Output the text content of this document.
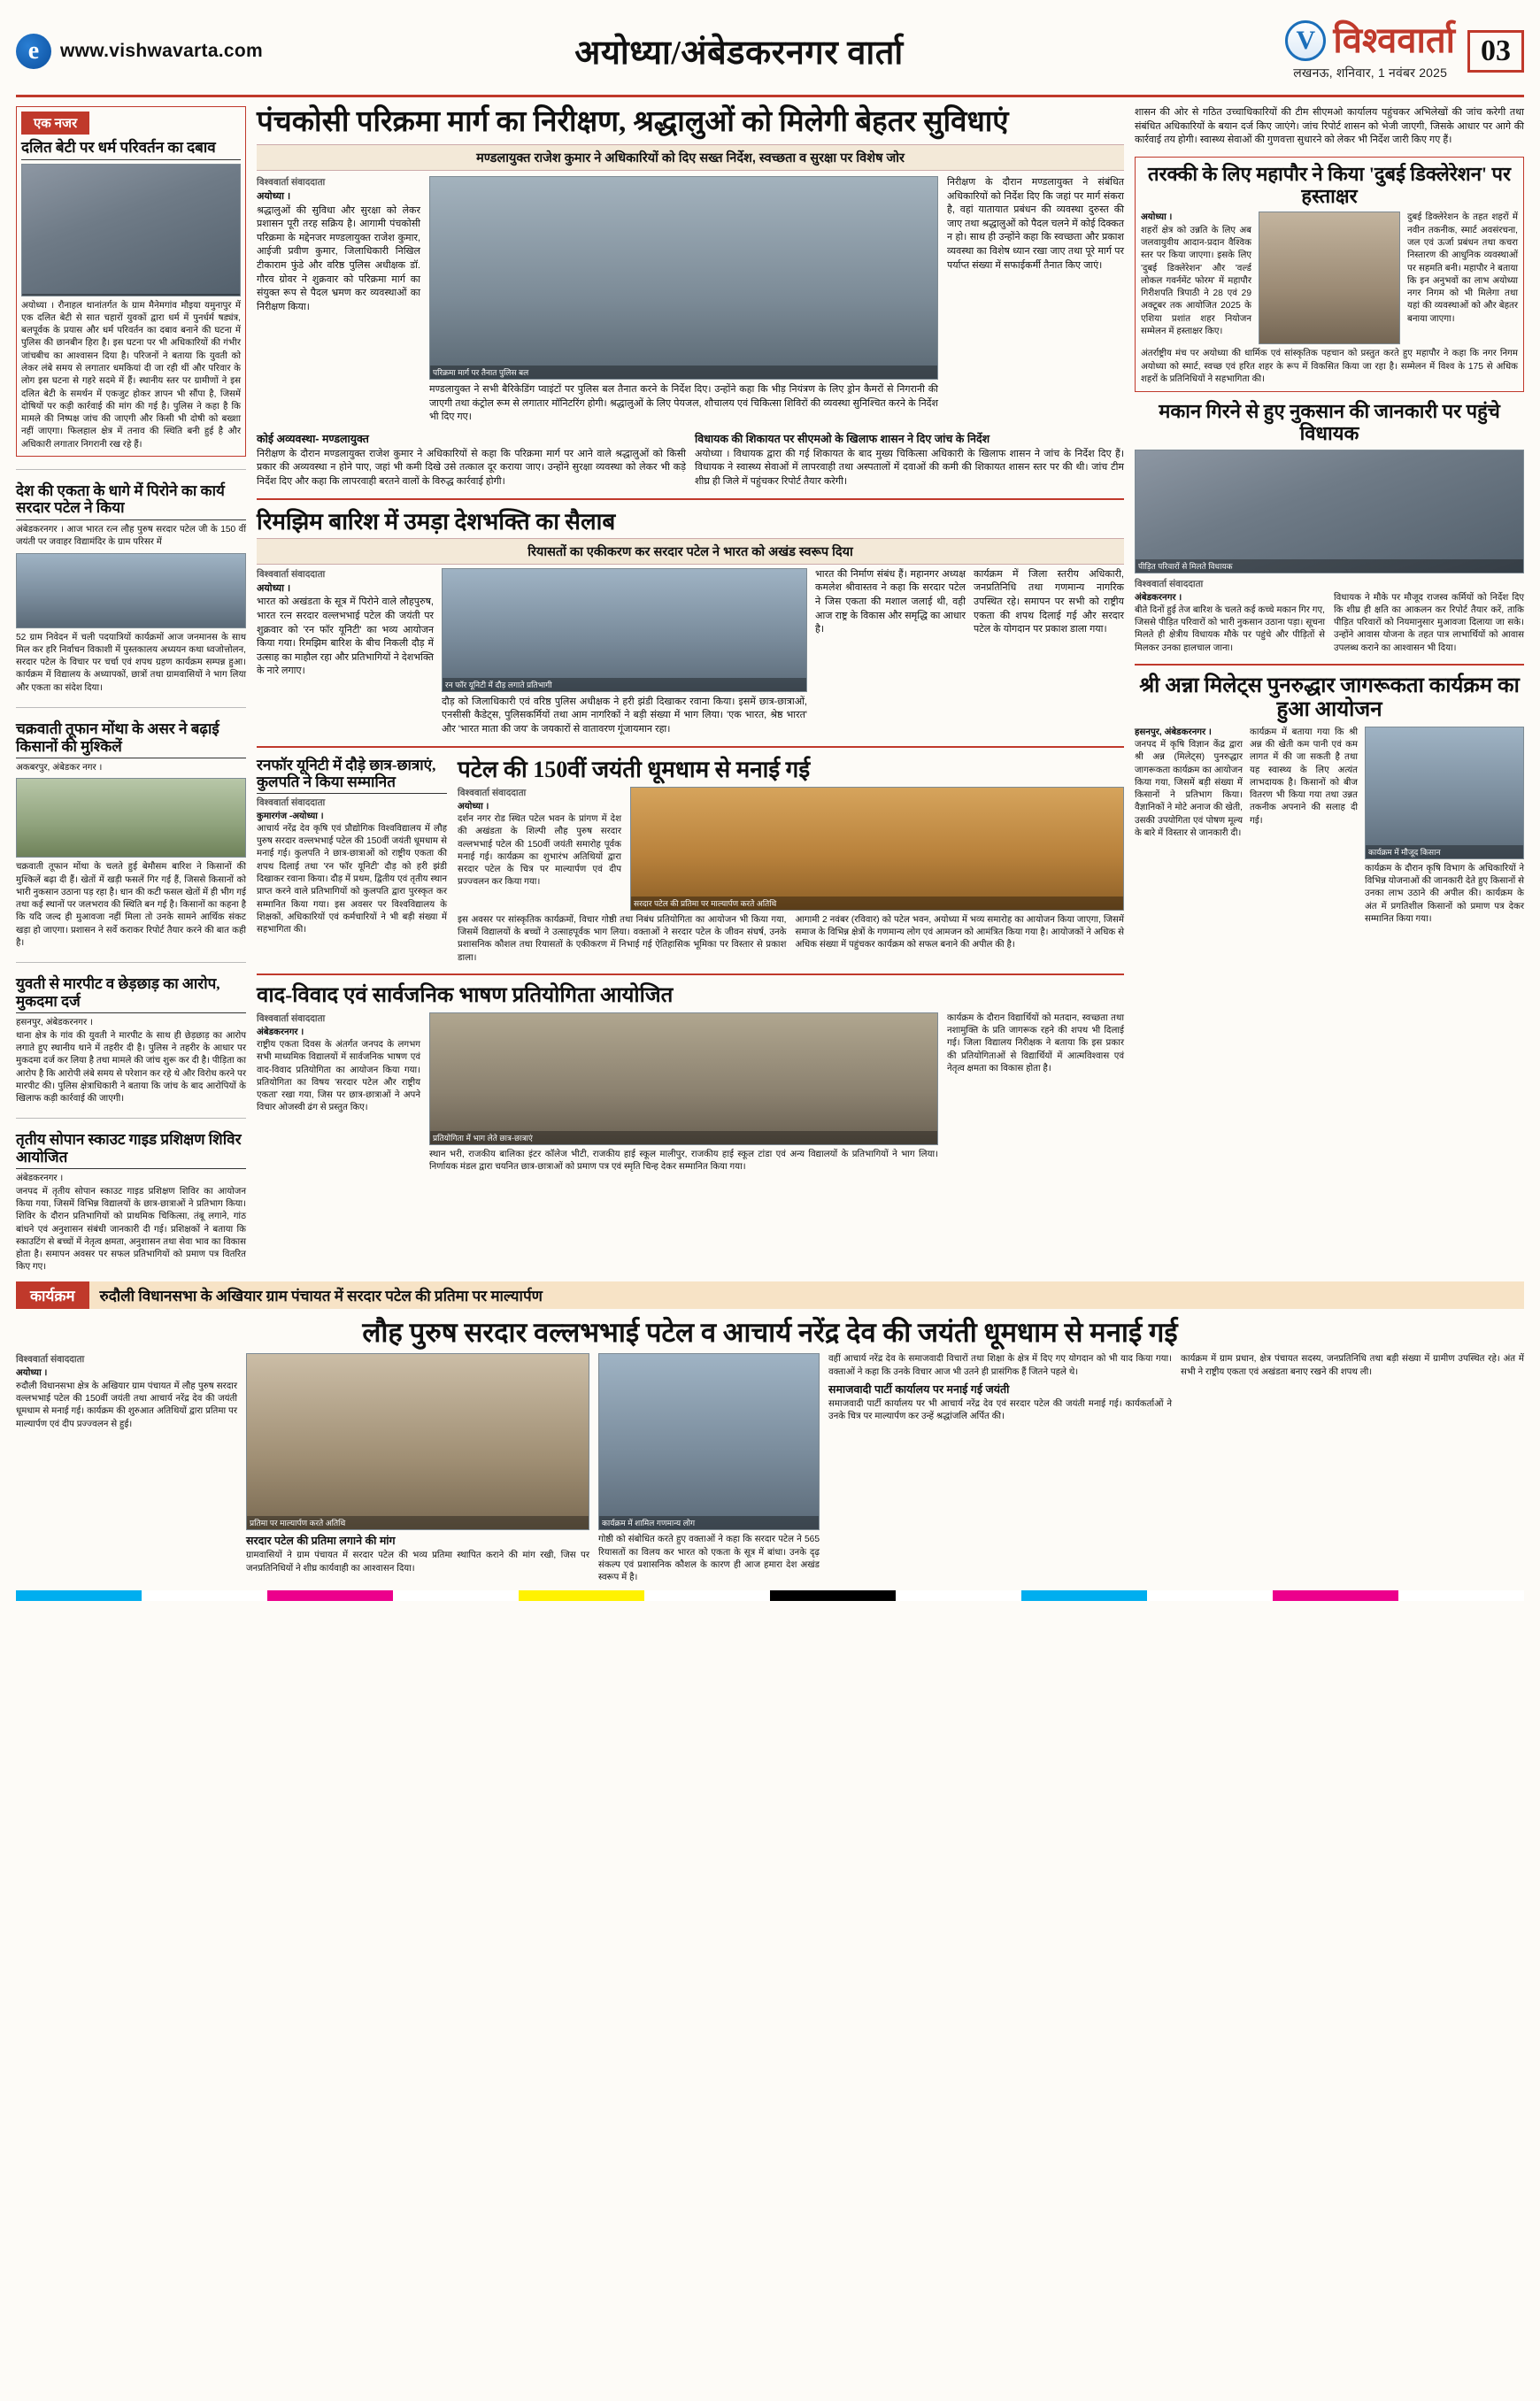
e	www.vishwavarta.com	अयोध्या/अंबेडकरनगर वार्ता	V विश्ववार्ता
लखनऊ, शनिवार, 1 नवंबर 2025
03
एक नजर
दलित बेटी पर धर्म परिवर्तन का दबाव
अयोध्या । रौनाहल थानांतर्गत के ग्राम मैनेमगांव मौइया यमुनापुर में एक दलित बेटी से सात चहारों युवकों द्वारा धर्म में पुनर्धर्म षड्यंत्र, बलपूर्वक के प्रयास और धर्म परिवर्तन का दबाव बनाने की घटना में पुलिस की छानबीन हिरा है। इस घटना पर भी अधिकारियों की गंभीर जांचबीच का आश्वासन दिया है। परिजनों ने बताया कि युवती को लेकर लंबे समय से लगातार धमकियां दी जा रही थीं और परिवार के लोग इस घटना से गहरे सदमे में हैं। स्थानीय स्तर पर ग्रामीणों ने इस दलित बेटी के समर्थन में एकजुट होकर ज्ञापन भी सौंपा है, जिसमें दोषियों पर कड़ी कार्रवाई की मांग की गई है। पुलिस ने कहा है कि मामले की निष्पक्ष जांच की जाएगी और किसी भी दोषी को बख्शा नहीं जाएगा। फिलहाल क्षेत्र में तनाव की स्थिति बनी हुई है और अधिकारी लगातार निगरानी रख रहे हैं।
देश की एकता के धागे में पिरोने का कार्य सरदार पटेल ने किया
अंबेडकरनगर । आज भारत रत्न लौह पुरुष सरदार पटेल जी के 150 वीं जयंती पर जवाहर विद्यामंदिर के ग्राम परिसर में
52 ग्राम निवेदन में चली पदयात्रियों कार्यक्रमों आज जनमानस के साथ मिल कर हरि निर्वाचन विकाशी में पुस्तकालय अध्ययन कथा ध्वजोत्तोलन, सरदार पटेल के विचार पर चर्चा एवं शपथ ग्रहण कार्यक्रम सम्पन्न हुआ। कार्यक्रम में विद्यालय के अध्यापकों, छात्रों तथा ग्रामवासियों ने भाग लिया और एकता का संदेश दिया।
चक्रवाती तूफान मोंथा के असर ने बढ़ाई किसानों की मुश्किलें
अकबरपुर, अंबेडकर नगर ।
चक्रवाती तूफान मोंथा के चलते हुई बेमौसम बारिश ने किसानों की मुश्किलें बढ़ा दी हैं। खेतों में खड़ी फसलें गिर गई हैं, जिससे किसानों को भारी नुकसान उठाना पड़ रहा है। धान की कटी फसल खेतों में ही भीग गई तथा कई स्थानों पर जलभराव की स्थिति बन गई है। किसानों का कहना है कि यदि जल्द ही मुआवजा नहीं मिला तो उनके सामने आर्थिक संकट खड़ा हो जाएगा। प्रशासन ने सर्वे कराकर रिपोर्ट तैयार करने की बात कही है।
युवती से मारपीट व छेड़छाड़ का आरोप, मुकदमा दर्ज
हसनपुर, अंबेडकरनगर ।
थाना क्षेत्र के गांव की युवती ने मारपीट के साथ ही छेड़छाड़ का आरोप लगाते हुए स्थानीय थाने में तहरीर दी है। पुलिस ने तहरीर के आधार पर मुकदमा दर्ज कर लिया है तथा मामले की जांच शुरू कर दी है। पीड़िता का आरोप है कि आरोपी लंबे समय से परेशान कर रहे थे और विरोध करने पर मारपीट की। पुलिस क्षेत्राधिकारी ने बताया कि जांच के बाद आरोपियों के खिलाफ कड़ी कार्रवाई की जाएगी।
तृतीय सोपान स्काउट गाइड प्रशिक्षण शिविर आयोजित
अंबेडकरनगर ।
जनपद में तृतीय सोपान स्काउट गाइड प्रशिक्षण शिविर का आयोजन किया गया, जिसमें विभिन्न विद्यालयों के छात्र-छात्राओं ने प्रतिभाग किया। शिविर के दौरान प्रतिभागियों को प्राथमिक चिकित्सा, तंबू लगाने, गांठ बांधने एवं अनुशासन संबंधी जानकारी दी गई। प्रशिक्षकों ने बताया कि स्काउटिंग से बच्चों में नेतृत्व क्षमता, अनुशासन तथा सेवा भाव का विकास होता है। समापन अवसर पर सफल प्रतिभागियों को प्रमाण पत्र वितरित किए गए।
पंचकोसी परिक्रमा मार्ग का निरीक्षण, श्रद्धालुओं को मिलेगी बेहतर सुविधाएं
मण्डलायुक्त राजेश कुमार ने अधिकारियों को दिए सख्त निर्देश, स्वच्छता व सुरक्षा पर विशेष जोर
विश्ववार्ता संवाददाता
अयोध्या ।
श्रद्धालुओं की सुविधा और सुरक्षा को लेकर प्रशासन पूरी तरह सक्रिय है। आगामी पंचकोसी परिक्रमा के मद्देनजर मण्डलायुक्त राजेश कुमार, आईजी प्रवीण कुमार, जिलाधिकारी निखिल टीकाराम फुंडे और वरिष्ठ पुलिस अधीक्षक डॉ. गौरव ग्रोवर ने शुक्रवार को परिक्रमा मार्ग का संयुक्त रूप से पैदल भ्रमण कर व्यवस्थाओं का निरीक्षण किया।
परिक्रमा मार्ग पर तैनात पुलिस बल
मण्डलायुक्त ने सभी बैरिकेडिंग प्वाइंटों पर पुलिस बल तैनात करने के निर्देश दिए। उन्होंने कहा कि भीड़ नियंत्रण के लिए ड्रोन कैमरों से निगरानी की जाएगी तथा कंट्रोल रूम से लगातार मॉनिटरिंग होगी। श्रद्धालुओं के लिए पेयजल, शौचालय एवं चिकित्सा शिविरों की व्यवस्था सुनिश्चित करने के निर्देश भी दिए गए।
निरीक्षण के दौरान मण्डलायुक्त ने संबंधित अधिकारियों को निर्देश दिए कि जहां पर मार्ग संकरा है, वहां यातायात प्रबंधन की व्यवस्था दुरुस्त की जाए तथा श्रद्धालुओं को पैदल चलने में कोई दिक्कत न हो। साथ ही उन्होंने कहा कि स्वच्छता और प्रकाश व्यवस्था का विशेष ध्यान रखा जाए तथा पूरे मार्ग पर पर्याप्त संख्या में सफाईकर्मी तैनात किए जाएं।
कोई अव्यवस्था- मण्डलायुक्त
निरीक्षण के दौरान मण्डलायुक्त राजेश कुमार ने अधिकारियों से कहा कि परिक्रमा मार्ग पर आने वाले श्रद्धालुओं को किसी प्रकार की अव्यवस्था न होने पाए, जहां भी कमी दिखे उसे तत्काल दूर कराया जाए। उन्होंने सुरक्षा व्यवस्था को लेकर भी कड़े निर्देश दिए और कहा कि लापरवाही बरतने वालों के विरुद्ध कार्रवाई होगी।
विधायक की शिकायत पर सीएमओ के खिलाफ शासन ने दिए जांच के निर्देश
अयोध्या । विधायक द्वारा की गई शिकायत के बाद मुख्य चिकित्सा अधिकारी के खिलाफ शासन ने जांच के निर्देश दिए हैं। विधायक ने स्वास्थ्य सेवाओं में लापरवाही तथा अस्पतालों में दवाओं की कमी की शिकायत शासन स्तर पर की थी। जांच टीम शीघ्र ही जिले में पहुंचकर रिपोर्ट तैयार करेगी।
रिमझिम बारिश में उमड़ा देशभक्ति का सैलाब
रियासतों का एकीकरण कर सरदार पटेल ने भारत को अखंड स्वरूप दिया
विश्ववार्ता संवाददाता
अयोध्या ।
भारत को अखंडता के सूत्र में पिरोने वाले लौहपुरुष, भारत रत्न सरदार वल्लभभाई पटेल की जयंती पर शुक्रवार को 'रन फॉर यूनिटी' का भव्य आयोजन किया गया। रिमझिम बारिश के बीच निकली दौड़ में उत्साह का माहौल रहा और प्रतिभागियों ने देशभक्ति के नारे लगाए।
रन फॉर यूनिटी में दौड़ लगाते प्रतिभागी
दौड़ को जिलाधिकारी एवं वरिष्ठ पुलिस अधीक्षक ने हरी झंडी दिखाकर रवाना किया। इसमें छात्र-छात्राओं, एनसीसी कैडेट्स, पुलिसकर्मियों तथा आम नागरिकों ने बड़ी संख्या में भाग लिया। 'एक भारत, श्रेष्ठ भारत' और 'भारत माता की जय' के जयकारों से वातावरण गूंजायमान रहा।
भारत की निर्माण संबंध हैं। महानगर अध्यक्ष कमलेश श्रीवास्तव ने कहा कि सरदार पटेल ने जिस एकता की मशाल जलाई थी, वही आज राष्ट्र के विकास और समृद्धि का आधार है।
कार्यक्रम में जिला स्तरीय अधिकारी, जनप्रतिनिधि तथा गणमान्य नागरिक उपस्थित रहे। समापन पर सभी को राष्ट्रीय एकता की शपथ दिलाई गई और सरदार पटेल के योगदान पर प्रकाश डाला गया।
रनफॉर यूनिटी में दौड़े छात्र-छात्राएं, कुलपति ने किया सम्मानित
विश्ववार्ता संवाददाता
कुमारगंज -अयोध्या ।
आचार्य नरेंद्र देव कृषि एवं प्रौद्योगिक विश्वविद्यालय में लौह पुरुष सरदार वल्लभभाई पटेल की 150वीं जयंती धूमधाम से मनाई गई। कुलपति ने छात्र-छात्राओं को राष्ट्रीय एकता की शपथ दिलाई तथा 'रन फॉर यूनिटी' दौड़ को हरी झंडी दिखाकर रवाना किया। दौड़ में प्रथम, द्वितीय एवं तृतीय स्थान प्राप्त करने वाले प्रतिभागियों को कुलपति द्वारा पुरस्कृत कर सम्मानित किया गया। इस अवसर पर विश्वविद्यालय के शिक्षकों, अधिकारियों एवं कर्मचारियों ने भी बड़ी संख्या में सहभागिता की।
पटेल की 150वीं जयंती धूमधाम से मनाई गई
विश्ववार्ता संवाददाता
अयोध्या ।
दर्शन नगर रोड स्थित पटेल भवन के प्रांगण में देश की अखंडता के शिल्पी लौह पुरुष सरदार वल्लभभाई पटेल की 150वीं जयंती समारोह पूर्वक मनाई गई। कार्यक्रम का शुभारंभ अतिथियों द्वारा सरदार पटेल के चित्र पर माल्यार्पण एवं दीप प्रज्ज्वलन कर किया गया।
सरदार पटेल की प्रतिमा पर माल्यार्पण करते अतिथि
इस अवसर पर सांस्कृतिक कार्यक्रमों, विचार गोष्ठी तथा निबंध प्रतियोगिता का आयोजन भी किया गया, जिसमें विद्यालयों के बच्चों ने उत्साहपूर्वक भाग लिया। वक्ताओं ने सरदार पटेल के जीवन संघर्ष, उनके प्रशासनिक कौशल तथा रियासतों के एकीकरण में निभाई गई ऐतिहासिक भूमिका पर विस्तार से प्रकाश डाला।
आगामी 2 नवंबर (रविवार) को पटेल भवन, अयोध्या में भव्य समारोह का आयोजन किया जाएगा, जिसमें समाज के विभिन्न क्षेत्रों के गणमान्य लोग एवं आमजन को आमंत्रित किया गया है। आयोजकों ने अधिक से अधिक संख्या में पहुंचकर कार्यक्रम को सफल बनाने की अपील की है।
वाद-विवाद एवं सार्वजनिक भाषण प्रतियोगिता आयोजित
विश्ववार्ता संवाददाता
अंबेडकरनगर ।
राष्ट्रीय एकता दिवस के अंतर्गत जनपद के लगभग सभी माध्यमिक विद्यालयों में सार्वजनिक भाषण एवं वाद-विवाद प्रतियोगिता का आयोजन किया गया। प्रतियोगिता का विषय 'सरदार पटेल और राष्ट्रीय एकता' रखा गया, जिस पर छात्र-छात्राओं ने अपने विचार ओजस्वी ढंग से प्रस्तुत किए।
प्रतियोगिता में भाग लेते छात्र-छात्राएं
स्थान भरी, राजकीय बालिका इंटर कॉलेज भीटी, राजकीय हाई स्कूल मालीपुर, राजकीय हाई स्कूल टांडा एवं अन्य विद्यालयों के प्रतिभागियों ने भाग लिया। निर्णायक मंडल द्वारा चयनित छात्र-छात्राओं को प्रमाण पत्र एवं स्मृति चिन्ह देकर सम्मानित किया गया।
कार्यक्रम के दौरान विद्यार्थियों को मतदान, स्वच्छता तथा नशामुक्ति के प्रति जागरूक रहने की शपथ भी दिलाई गई। जिला विद्यालय निरीक्षक ने बताया कि इस प्रकार की प्रतियोगिताओं से विद्यार्थियों में आत्मविश्वास एवं नेतृत्व क्षमता का विकास होता है।
शासन की ओर से गठित उच्चाधिकारियों की टीम सीएमओ कार्यालय पहुंचकर अभिलेखों की जांच करेगी तथा संबंधित अधिकारियों के बयान दर्ज किए जाएंगे। जांच रिपोर्ट शासन को भेजी जाएगी, जिसके आधार पर आगे की कार्रवाई तय होगी। स्वास्थ्य सेवाओं की गुणवत्ता सुधारने को लेकर भी निर्देश जारी किए गए हैं।
तरक्की के लिए महापौर ने किया 'दुबई डिक्लेरेशन' पर हस्ताक्षर
अयोध्या ।
शहरों क्षेत्र को उन्नति के लिए अब जलवायुवीय आदान-प्रदान वैश्विक स्तर पर किया जाएगा। इसके लिए 'दुबई डिक्लेरेशन' और 'वर्ल्ड लोकल गवर्नमेंट फोरम' में महापौर गिरीशपति त्रिपाठी ने 28 एवं 29 अक्टूबर तक आयोजित 2025 के एशिया प्रशांत शहर नियोजन सम्मेलन में हस्ताक्षर किए।
दुबई डिक्लेरेशन के तहत शहरों में नवीन तकनीक, स्मार्ट अवसंरचना, जल एवं ऊर्जा प्रबंधन तथा कचरा निस्तारण की आधुनिक व्यवस्थाओं पर सहमति बनी। महापौर ने बताया कि इन अनुभवों का लाभ अयोध्या नगर निगम को भी मिलेगा तथा यहां की व्यवस्थाओं को और बेहतर बनाया जाएगा।
अंतर्राष्ट्रीय मंच पर अयोध्या की धार्मिक एवं सांस्कृतिक पहचान को प्रस्तुत करते हुए महापौर ने कहा कि नगर निगम अयोध्या को स्मार्ट, स्वच्छ एवं हरित शहर के रूप में विकसित किया जा रहा है। सम्मेलन में विश्व के 175 से अधिक शहरों के प्रतिनिधियों ने सहभागिता की।
मकान गिरने से हुए नुकसान की जानकारी पर पहुंचे विधायक
पीड़ित परिवारों से मिलते विधायक
विश्ववार्ता संवाददाता
अंबेडकरनगर ।
बीते दिनों हुई तेज बारिश के चलते कई कच्चे मकान गिर गए, जिससे पीड़ित परिवारों को भारी नुकसान उठाना पड़ा। सूचना मिलते ही क्षेत्रीय विधायक मौके पर पहुंचे और पीड़ितों से मिलकर उनका हालचाल जाना।
विधायक ने मौके पर मौजूद राजस्व कर्मियों को निर्देश दिए कि शीघ्र ही क्षति का आकलन कर रिपोर्ट तैयार करें, ताकि पीड़ित परिवारों को नियमानुसार मुआवजा दिलाया जा सके। उन्होंने आवास योजना के तहत पात्र लाभार्थियों को आवास उपलब्ध कराने का आश्वासन भी दिया।
श्री अन्ना मिलेट्स पुनरुद्धार जागरूकता कार्यक्रम का हुआ आयोजन
हसनपुर, अंबेडकरनगर ।
जनपद में कृषि विज्ञान केंद्र द्वारा श्री अन्न (मिलेट्स) पुनरुद्धार जागरूकता कार्यक्रम का आयोजन किया गया, जिसमें बड़ी संख्या में किसानों ने प्रतिभाग किया। वैज्ञानिकों ने मोटे अनाज की खेती, उसकी उपयोगिता एवं पोषण मूल्य के बारे में विस्तार से जानकारी दी।
कार्यक्रम में बताया गया कि श्री अन्न की खेती कम पानी एवं कम लागत में की जा सकती है तथा यह स्वास्थ्य के लिए अत्यंत लाभदायक है। किसानों को बीज वितरण भी किया गया तथा उन्नत तकनीक अपनाने की सलाह दी गई।
कार्यक्रम में मौजूद किसान
कार्यक्रम के दौरान कृषि विभाग के अधिकारियों ने विभिन्न योजनाओं की जानकारी देते हुए किसानों से उनका लाभ उठाने की अपील की। कार्यक्रम के अंत में प्रगतिशील किसानों को प्रमाण पत्र देकर सम्मानित किया गया।
कार्यक्रम	रुदौली विधानसभा के अखियार ग्राम पंचायत में सरदार पटेल की प्रतिमा पर माल्यार्पण
लौह पुरुष सरदार वल्लभभाई पटेल व आचार्य नरेंद्र देव की जयंती धूमधाम से मनाई गई
विश्ववार्ता संवाददाता
अयोध्या ।
रुदौली विधानसभा क्षेत्र के अखियार ग्राम पंचायत में लौह पुरुष सरदार वल्लभभाई पटेल की 150वीं जयंती तथा आचार्य नरेंद्र देव की जयंती धूमधाम से मनाई गई। कार्यक्रम की शुरुआत अतिथियों द्वारा प्रतिमा पर माल्यार्पण एवं दीप प्रज्ज्वलन से हुई।
प्रतिमा पर माल्यार्पण करते अतिथि
सरदार पटेल की प्रतिमा लगाने की मांग
ग्रामवासियों ने ग्राम पंचायत में सरदार पटेल की भव्य प्रतिमा स्थापित कराने की मांग रखी, जिस पर जनप्रतिनिधियों ने शीघ्र कार्यवाही का आश्वासन दिया।
कार्यक्रम में शामिल गणमान्य लोग
गोष्ठी को संबोधित करते हुए वक्ताओं ने कहा कि सरदार पटेल ने 565 रियासतों का विलय कर भारत को एकता के सूत्र में बांधा। उनके दृढ़ संकल्प एवं प्रशासनिक कौशल के कारण ही आज हमारा देश अखंड स्वरूप में है।
वहीं आचार्य नरेंद्र देव के समाजवादी विचारों तथा शिक्षा के क्षेत्र में दिए गए योगदान को भी याद किया गया। वक्ताओं ने कहा कि उनके विचार आज भी उतने ही प्रासंगिक हैं जितने पहले थे।
समाजवादी पार्टी कार्यालय पर मनाई गई जयंती
समाजवादी पार्टी कार्यालय पर भी आचार्य नरेंद्र देव एवं सरदार पटेल की जयंती मनाई गई। कार्यकर्ताओं ने उनके चित्र पर माल्यार्पण कर उन्हें श्रद्धांजलि अर्पित की।
कार्यक्रम में ग्राम प्रधान, क्षेत्र पंचायत सदस्य, जनप्रतिनिधि तथा बड़ी संख्या में ग्रामीण उपस्थित रहे। अंत में सभी ने राष्ट्रीय एकता एवं अखंडता बनाए रखने की शपथ ली।
